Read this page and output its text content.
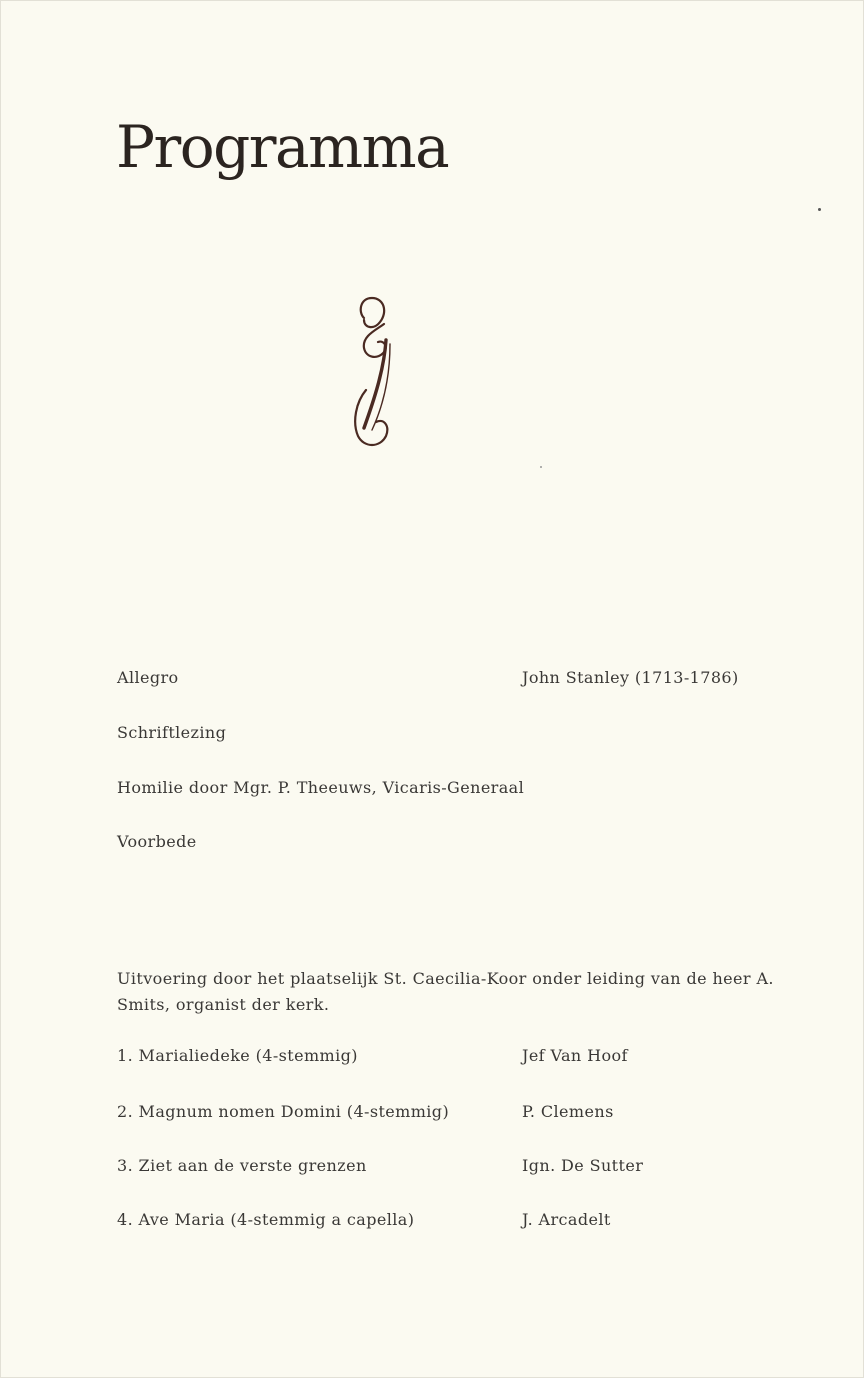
Programma
Allegro	John Stanley (1713-1786)
Schriftlezing
Homilie door Mgr. P. Theeuws, Vicaris-Generaal
Voorbede

Uitvoering door het plaatselijk St. Caecilia-Koor onder leiding van de heer A. Smits, organist der kerk.

1. Marialiedeke (4-stemmig)	Jef Van Hoof
2. Magnum nomen Domini (4-stemmig)	P. Clemens
3. Ziet aan de verste grenzen	Ign. De Sutter
4. Ave Maria (4-stemmig a capella)	J. Arcadelt
